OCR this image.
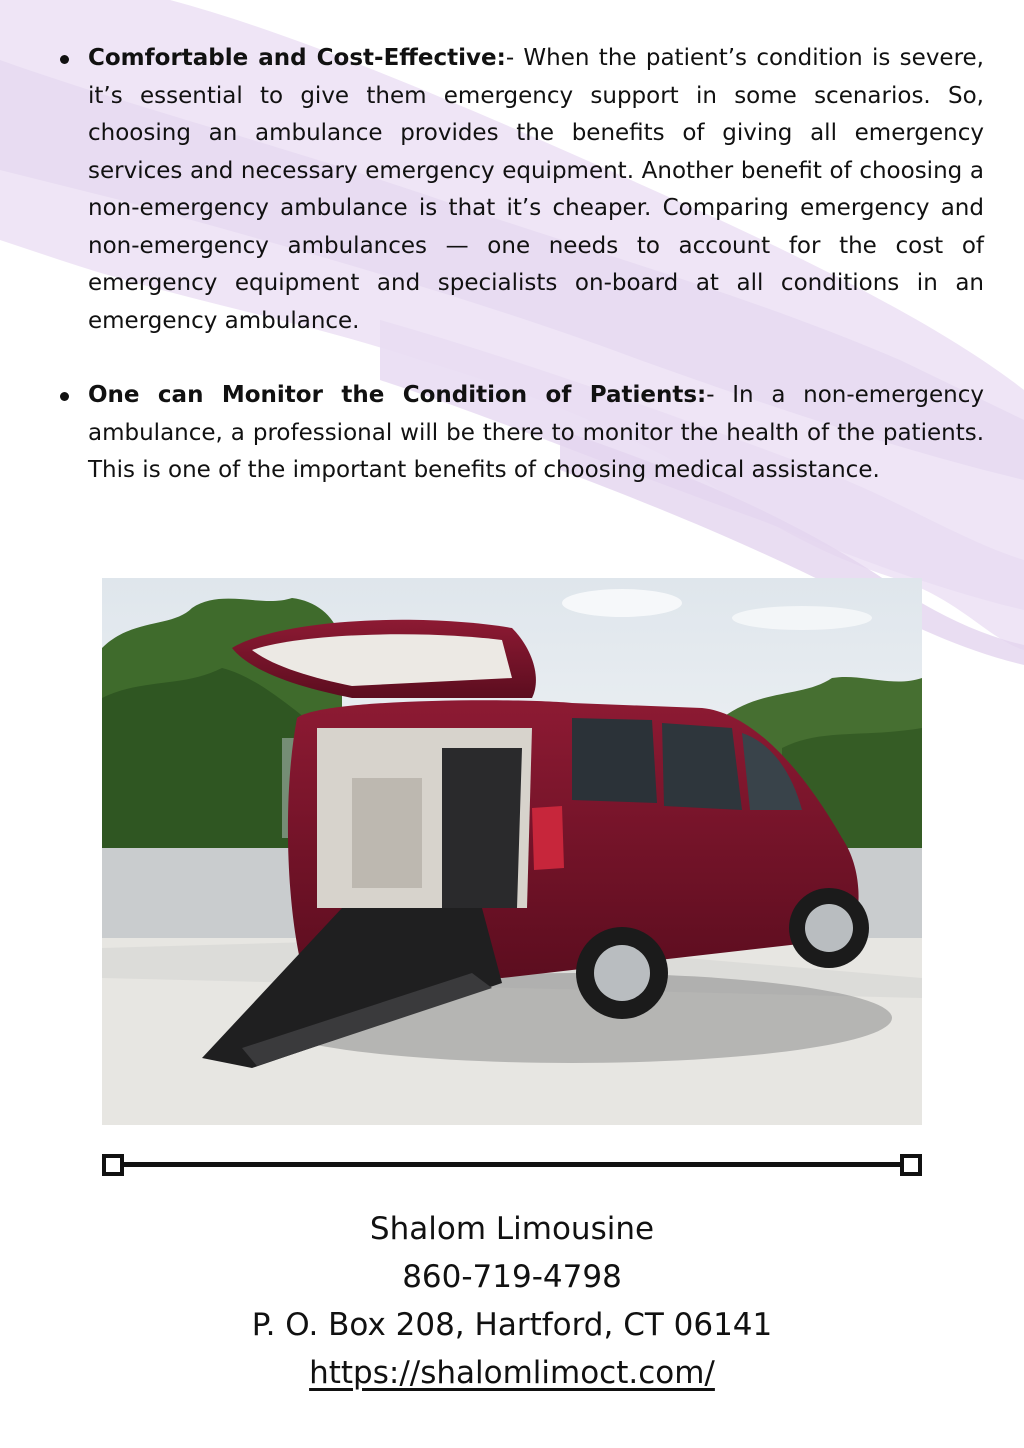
Comfortable and Cost-Effective:- When the patient’s condition is severe, it’s essential to give them emergency support in some scenarios. So, choosing an ambulance provides the benefits of giving all emergency services and necessary emergency equipment. Another benefit of choosing a non-emergency ambulance is that it’s cheaper. Comparing emergency and non-emergency ambulances — one needs to account for the cost of emergency equipment and specialists on-board at all conditions in an emergency ambulance.
One can Monitor the Condition of Patients:- In a non-emergency ambulance, a professional will be there to monitor the health of the patients. This is one of the important benefits of choosing medical assistance.
Shalom Limousine
860-719-4798
P. O. Box 208, Hartford, CT 06141
https://shalomlimoct.com/
